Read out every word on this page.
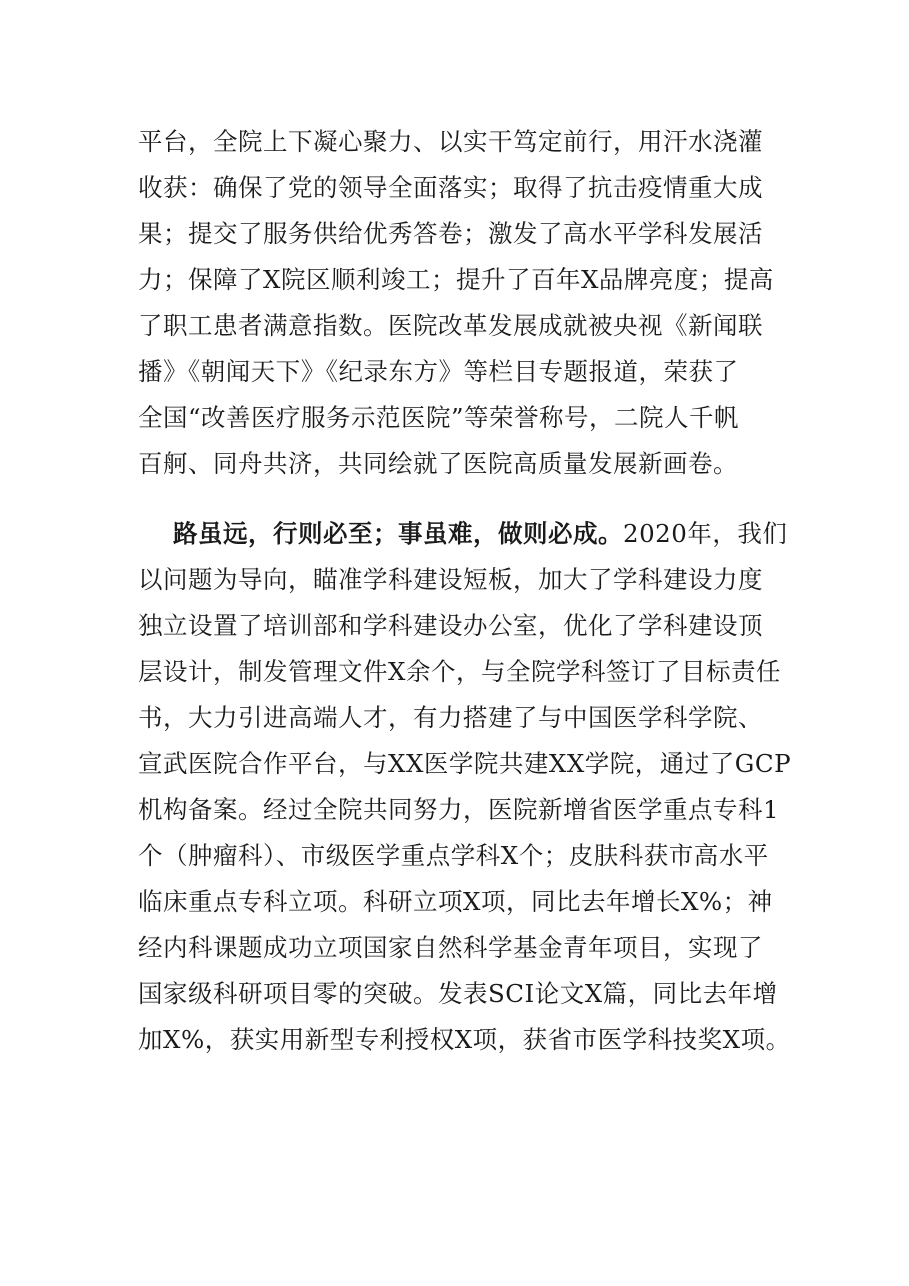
平台，全院上下凝心聚力、以实干笃定前行，用汗水浇灌
收获：确保了党的领导全面落实；取得了抗击疫情重大成
果；提交了服务供给优秀答卷；激发了高水平学科发展活
力；保障了X院区顺利竣工；提升了百年X品牌亮度；提高
了职工患者满意指数。医院改革发展成就被央视《新闻联
播》《朝闻天下》《纪录东方》等栏目专题报道，荣获了
全国“改善医疗服务示范医院”等荣誉称号，二院人千帆
百舸、同舟共济，共同绘就了医院高质量发展新画卷。
路虽远，行则必至；事虽难，做则必成。2020年，我们
以问题为导向，瞄准学科建设短板，加大了学科建设力度
独立设置了培训部和学科建设办公室，优化了学科建设顶
层设计，制发管理文件X余个，与全院学科签订了目标责任
书，大力引进高端人才，有力搭建了与中国医学科学院、
宣武医院合作平台，与XX医学院共建XX学院，通过了GCP
机构备案。经过全院共同努力，医院新增省医学重点专科1
个（肿瘤科）、市级医学重点学科X个；皮肤科获市高水平
临床重点专科立项。科研立项X项，同比去年增长X%；神
经内科课题成功立项国家自然科学基金青年项目，实现了
国家级科研项目零的突破。发表SCI论文X篇，同比去年增
加X%，获实用新型专利授权X项，获省市医学科技奖X项。
